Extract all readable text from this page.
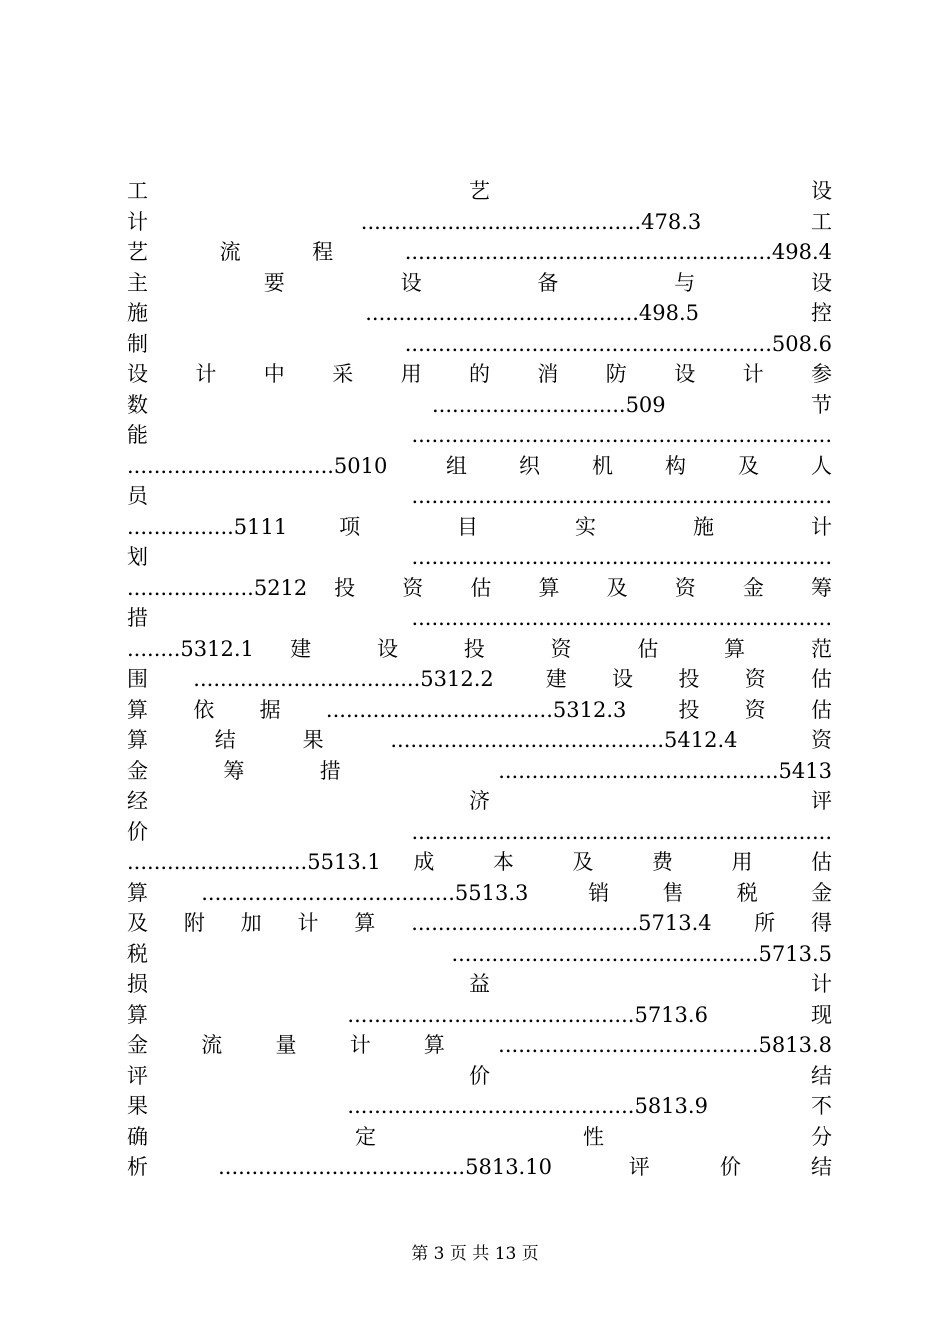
工 艺 设
计 ..........................................478.3 工
艺流程.......................................................498.4
主 要 设 备 与 设
施 .........................................498.5 控
制.......................................................508.6
设 计 中 采 用 的 消 防 设 计 参
数 .............................509 节
能...............................................................
...............................5010 组织机构及人
员...............................................................
................5111 项 目 实 施 计
划...............................................................
...................5212 投 资 估 算 及 资 金 筹
措...............................................................
........5312.1 建 设 投 资 估 算 范
围..................................5312.2 建设投资估
算依据..................................5312.3 投资估
算结果.........................................5412.4 资
金筹措 ..........................................5413
经 济 评
价...............................................................
...........................5513.1 成 本 及 费 用 估
算......................................5513.3 销售税金
及附加计算..................................5713.4 所得
税 ..............................................5713.5
损 益 计
算 ...........................................5713.6 现
金流量计算.......................................5813.8
评 价 结
果 ...........................................5813.9 不
确 定 性 分
析.....................................5813.10 评价结
第 3 页 共 13 页
